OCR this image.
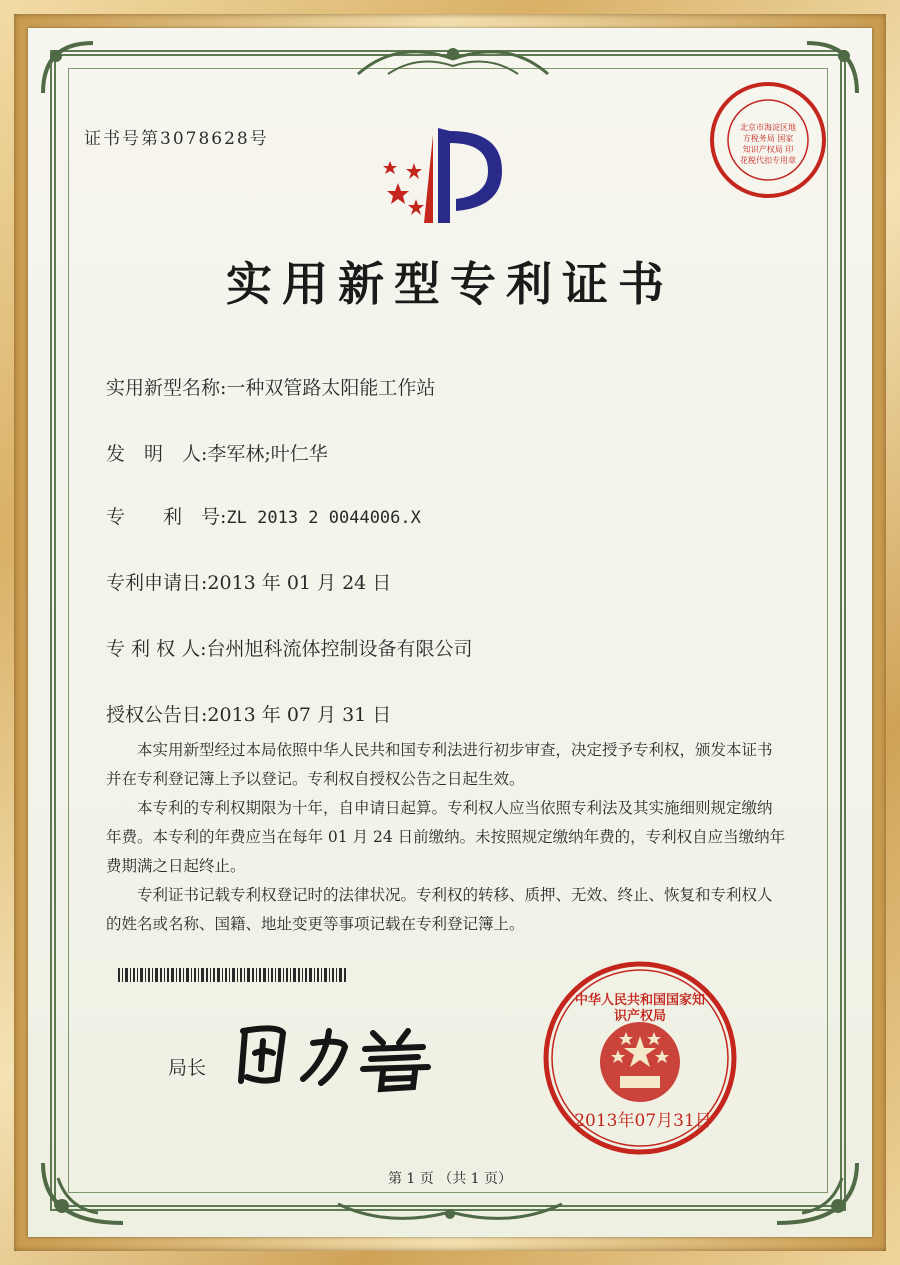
证书号第3078628号
北京市海淀区地方税务局 国家知识产权局 印花税代扣专用章
实用新型专利证书
实用新型名称:一种双管路太阳能工作站
发　明　人:李军林;叶仁华
专　　利　号:ZL 2013 2 0044006.X
专利申请日:2013 年 01 月 24 日
专 利 权 人:台州旭科流体控制设备有限公司
授权公告日:2013 年 07 月 31 日

本实用新型经过本局依照中华人民共和国专利法进行初步审查，决定授予专利权，颁发本证书并在专利登记簿上予以登记。专利权自授权公告之日起生效。

本专利的专利权期限为十年，自申请日起算。专利权人应当依照专利法及其实施细则规定缴纳年费。本专利的年费应当在每年 01 月 24 日前缴纳。未按照规定缴纳年费的，专利权自应当缴纳年费期满之日起终止。

专利证书记载专利权登记时的法律状况。专利权的转移、质押、无效、终止、恢复和专利权人的姓名或名称、国籍、地址变更等事项记载在专利登记簿上。

局长
中华人民共和国国家知识产权局
2013年07月31日
第 1 页 （共 1 页）
